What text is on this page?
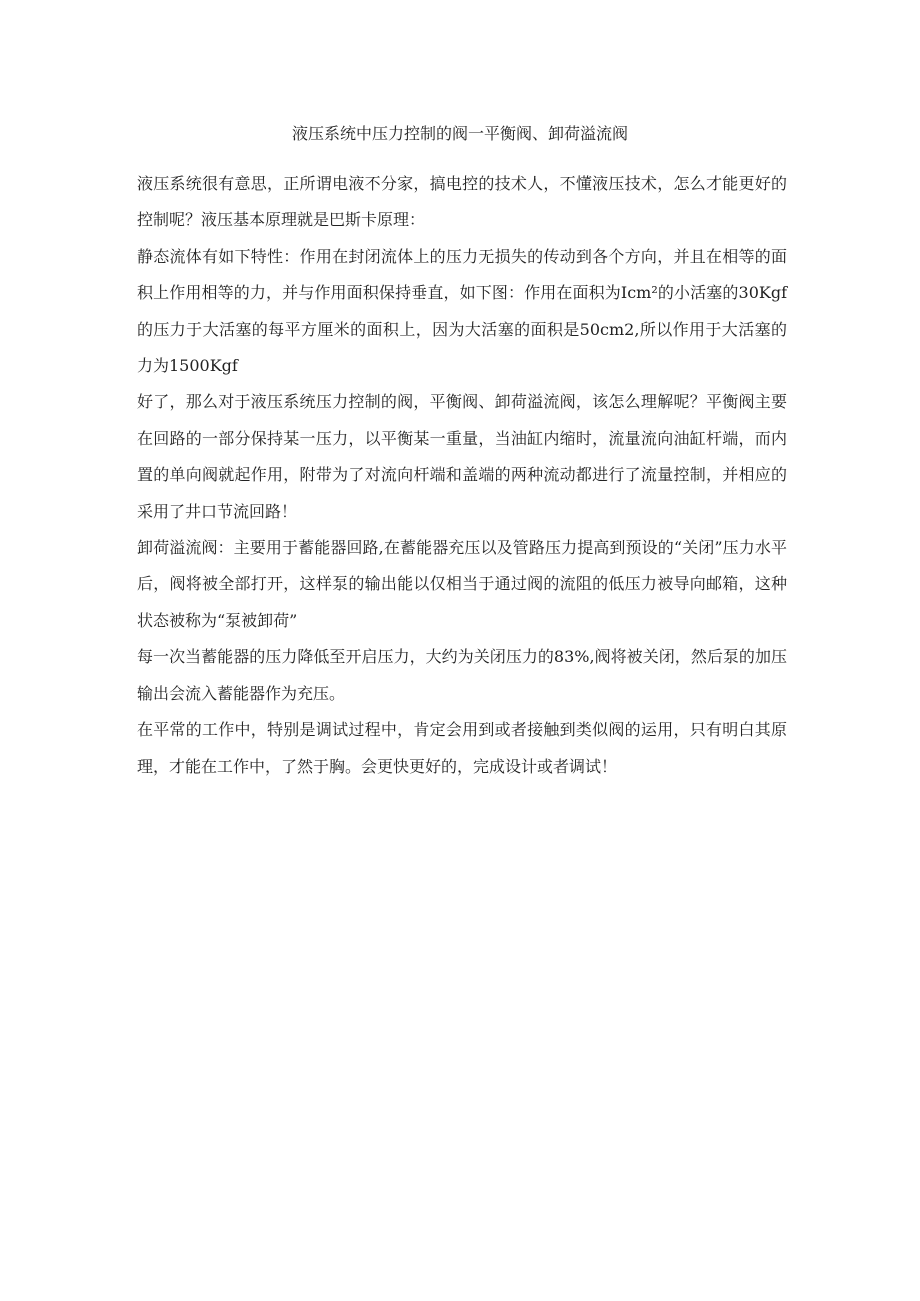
液压系统中压力控制的阀一平衡阀、卸荷溢流阀

液压系统很有意思，正所谓电液不分家，搞电控的技术人，不懂液压技术，怎么才能更好的控制呢？液压基本原理就是巴斯卡原理：

静态流体有如下特性：作用在封闭流体上的压力无损失的传动到各个方向，并且在相等的面积上作用相等的力，并与作用面积保持垂直，如下图：作用在面积为Icm²的小活塞的30Kgf的压力于大活塞的每平方厘米的面积上，因为大活塞的面积是50cm2,所以作用于大活塞的力为1500Kgf

好了，那么对于液压系统压力控制的阀，平衡阀、卸荷溢流阀，该怎么理解呢？平衡阀主要在回路的一部分保持某一压力，以平衡某一重量，当油缸内缩时，流量流向油缸杆端，而内置的单向阀就起作用，附带为了对流向杆端和盖端的两种流动都进行了流量控制，并相应的采用了井口节流回路！

卸荷溢流阀：主要用于蓄能器回路,在蓄能器充压以及管路压力提高到预设的“关闭”压力水平后，阀将被全部打开，这样泵的输出能以仅相当于通过阀的流阻的低压力被导向邮箱，这种状态被称为“泵被卸荷”

每一次当蓄能器的压力降低至开启压力，大约为关闭压力的83%,阀将被关闭，然后泵的加压输出会流入蓄能器作为充压。

在平常的工作中，特别是调试过程中，肯定会用到或者接触到类似阀的运用，只有明白其原理，才能在工作中，了然于胸。会更快更好的，完成设计或者调试！
